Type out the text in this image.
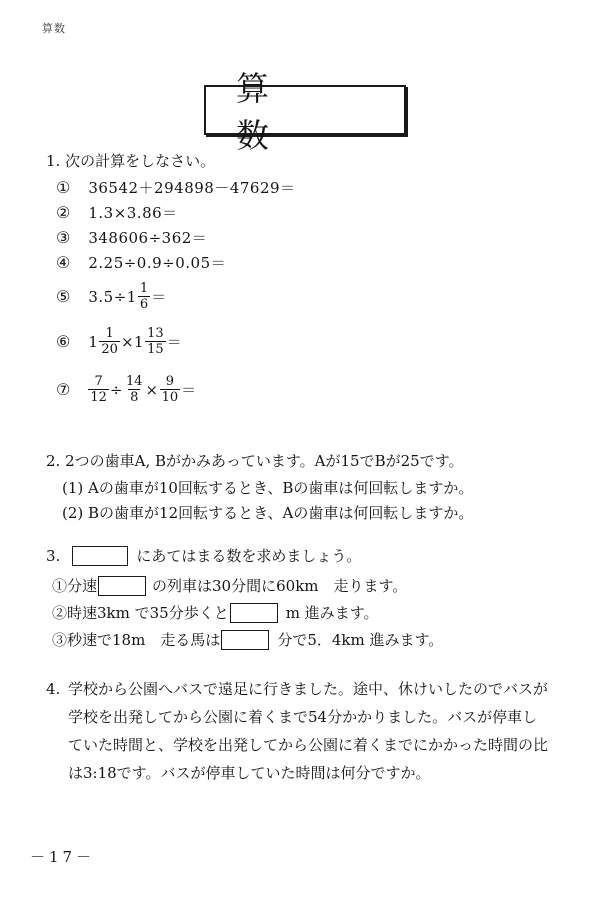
算数
算　数
1. 次の計算をしなさい。
① 36542＋294898－47629＝
② 1.3×3.86＝
③ 348606÷362＝
④ 2.25÷0.9÷0.05＝
⑤ $3.5 \div 1 \frac{1}{6}$ ＝
⑥ $1 \frac{1}{20} \times 1 \frac{13}{15}$ ＝
⑦ $\frac{7}{12} \div \frac{14}{8} \times \frac{9}{10}$ ＝
2. 2つの歯車A, Bがかみあっています。Aが15でBが25です。
(1) Aの歯車が10回転するとき、Bの歯車は何回転しますか。
(2) Bの歯車が12回転するとき、Aの歯車は何回転しますか。
3.	にあてはまる数を求めましょう。
①分速	の列車は30分間に60km　走ります。
②時速3km で35分歩くと	m 進みます。
③秒速で18m　走る馬は	分で5．4km 進みます。
4. 学校から公園へバスで遠足に行きました。途中、休けいしたのでバスが学校を出発してから公園に着くまで54分かかりました。バスが停車していた時間と、学校を出発してから公園に着くまでにかかった時間の比は3:18です。バスが停車していた時間は何分ですか。
－17－
